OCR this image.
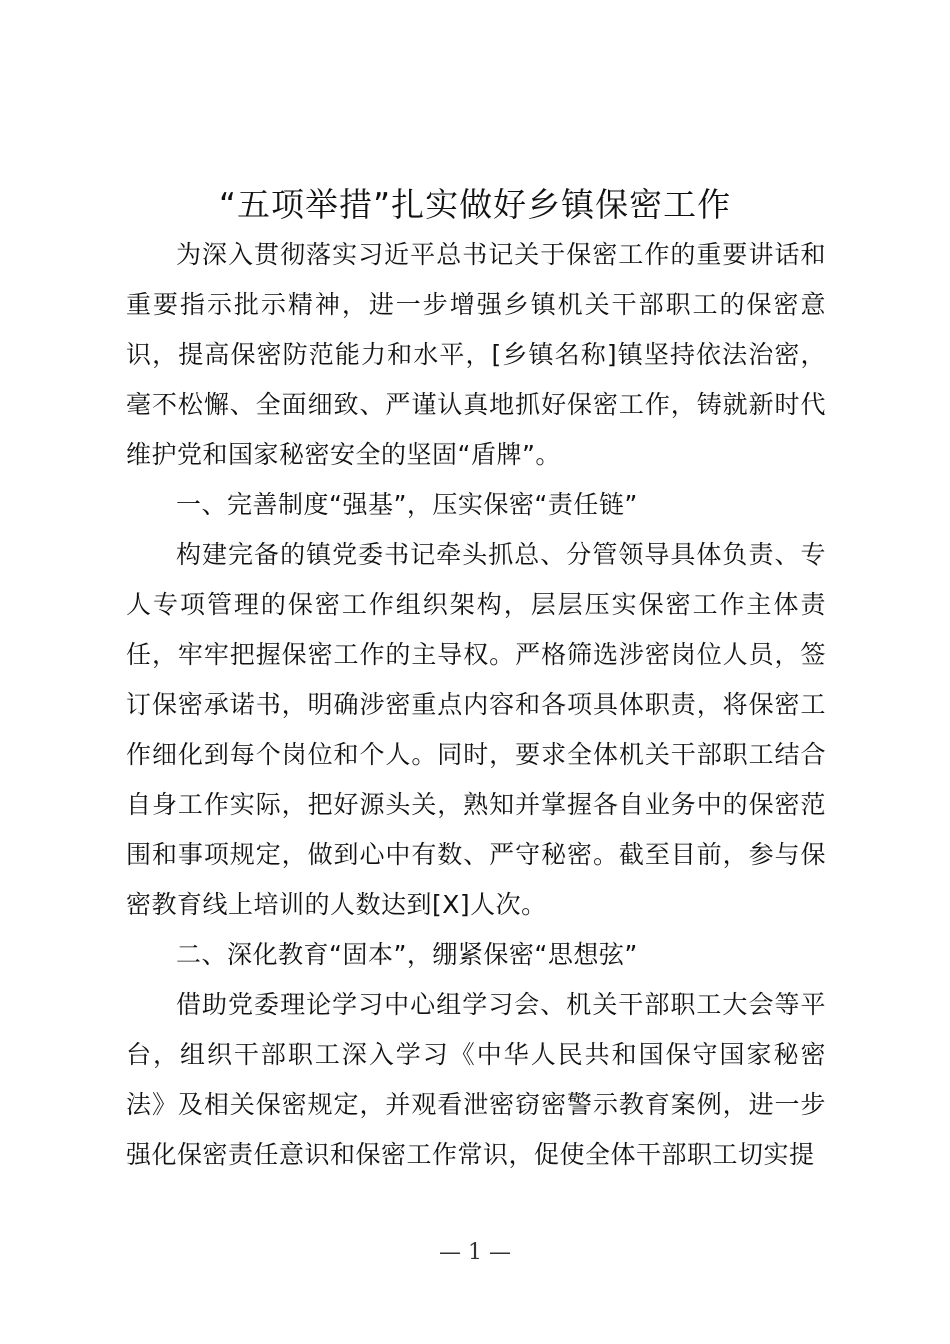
“五项举措”扎实做好乡镇保密工作

为深入贯彻落实习近平总书记关于保密工作的重要讲话和重要指示批示精神，进一步增强乡镇机关干部职工的保密意识，提高保密防范能力和水平，[乡镇名称]镇坚持依法治密，毫不松懈、全面细致、严谨认真地抓好保密工作，铸就新时代维护党和国家秘密安全的坚固“盾牌”。

一、完善制度“强基”，压实保密“责任链”

构建完备的镇党委书记牵头抓总、分管领导具体负责、专人专项管理的保密工作组织架构，层层压实保密工作主体责任，牢牢把握保密工作的主导权。严格筛选涉密岗位人员，签订保密承诺书，明确涉密重点内容和各项具体职责，将保密工作细化到每个岗位和个人。同时，要求全体机关干部职工结合自身工作实际，把好源头关，熟知并掌握各自业务中的保密范围和事项规定，做到心中有数、严守秘密。截至目前，参与保密教育线上培训的人数达到[X]人次。

二、深化教育“固本”，绷紧保密“思想弦”

借助党委理论学习中心组学习会、机关干部职工大会等平台，组织干部职工深入学习《中华人民共和国保守国家秘密法》及相关保密规定，并观看泄密窃密警示教育案例，进一步强化保密责任意识和保密工作常识，促使全体干部职工切实提

— 1 —
